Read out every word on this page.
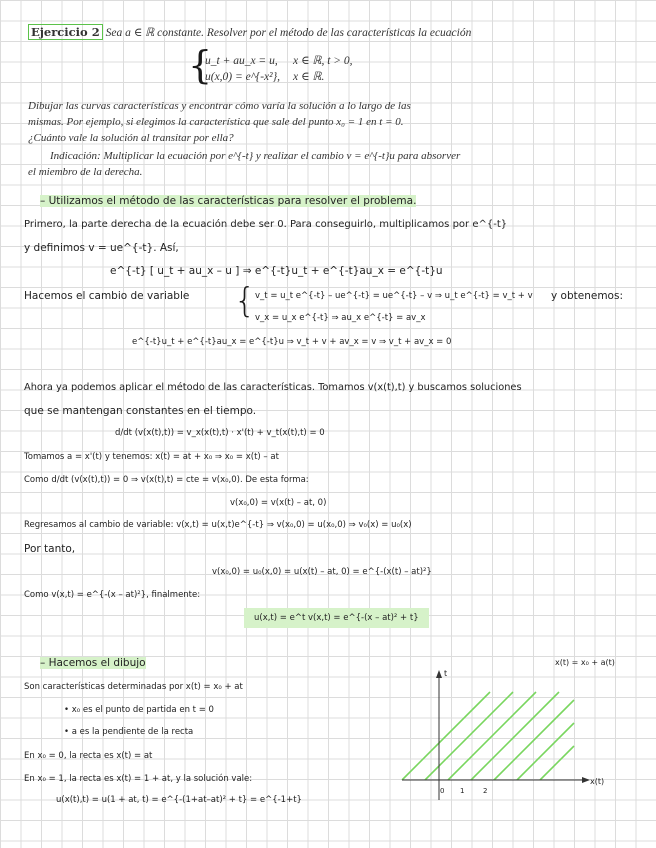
Ejercicio 2 Sea a ∈ ℝ constante. Resolver por el método de las características la ecuación
{
u_t + au_x = u, x ∈ ℝ, t > 0,
u(x,0) = e^{-x²}, x ∈ ℝ.
Dibujar las curvas características y encontrar cómo varía la solución a lo largo de las
mismas. Por ejemplo, si elegimos la característica que sale del punto x₀ = 1 en t = 0.
¿Cuánto vale la solución al transitar por ella?
Indicación: Multiplicar la ecuación por e^{-t} y realizar el cambio v = e^{-t}u para absorver
el miembro de la derecha.
– Utilizamos el método de las características para resolver el problema.
Primero, la parte derecha de la ecuación debe ser 0. Para conseguirlo, multiplicamos por e^{-t}
y definimos v = ue^{-t}. Así,
e^{-t} [ u_t + au_x – u ] ⇒ e^{-t}u_t + e^{-t}au_x = e^{-t}u
Hacemos el cambio de variable { v_t = u_t e^{-t} – ue^{-t} = ue^{-t} – v ⇒ u_t e^{-t} = v_t + v
v_x = u_x e^{-t} ⇒ au_x e^{-t} = av_x
y obtenemos:
e^{-t}u_t + e^{-t}au_x = e^{-t}u ⇒ v_t + v + av_x = v ⇒ v_t + av_x = 0
Ahora ya podemos aplicar el método de las características. Tomamos v(x(t),t) y buscamos soluciones
que se mantengan constantes en el tiempo.
d/dt (v(x(t),t)) = v_x(x(t),t) · x'(t) + v_t(x(t),t) = 0
Tomamos a = x'(t) y tenemos: x(t) = at + x₀ ⇒ x₀ = x(t) – at
Como d/dt (v(x(t),t)) = 0 ⇒ v(x(t),t) = cte = v(x₀,0). De esta forma:
v(x₀,0) = v(x(t) – at, 0)
Regresamos al cambio de variable: v(x,t) = u(x,t)e^{-t} ⇒ v(x₀,0) = u(x₀,0) ⇒ v₀(x) = u₀(x)
Por tanto,
v(x₀,0) = u₀(x,0) = u(x(t) – at, 0) = e^{-(x(t) – at)²}
Como v(x,t) = e^{-(x – at)²}, finalmente:
u(x,t) = e^t v(x,t) = e^{-(x – at)² + t}
– Hacemos el dibujo
Son características determinadas por x(t) = x₀ + at
• x₀ es el punto de partida en t = 0
• a es la pendiente de la recta
En x₀ = 0, la recta es x(t) = at
En x₀ = 1, la recta es x(t) = 1 + at, y la solución vale:
u(x(t),t) = u(1 + at, t) = e^{-(1+at–at)² + t} = e^{-1+t}
t
x(t)
0 1	2
x(t) = x₀ + a(t)
